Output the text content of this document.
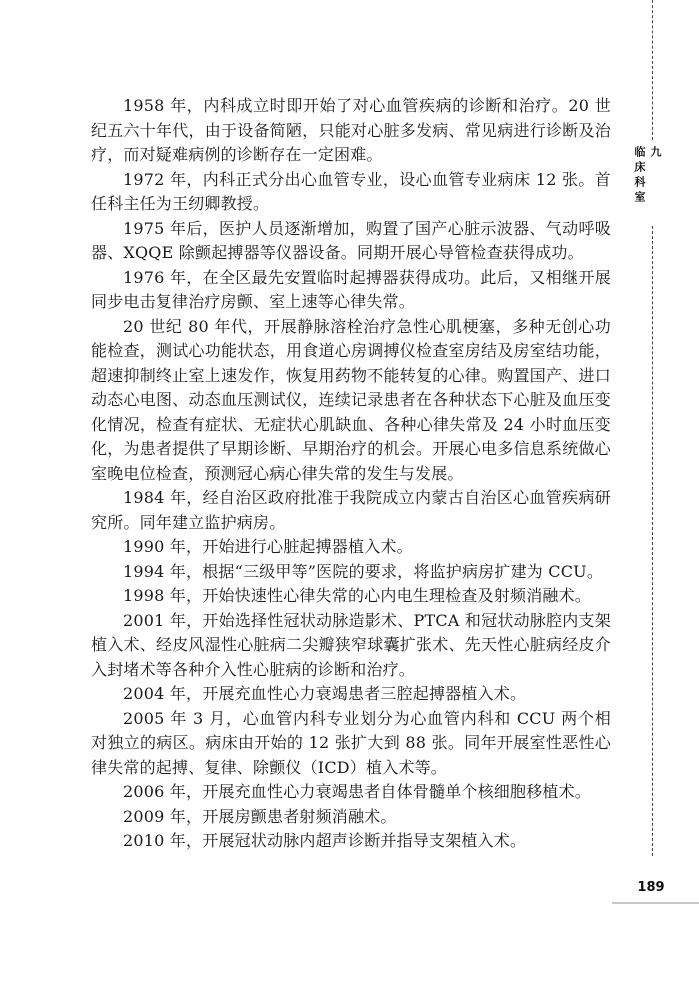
九
临床科室

1958 年，内科成立时即开始了对心血管疾病的诊断和治疗。20 世纪五六十年代，由于设备简陋，只能对心脏多发病、常见病进行诊断及治疗，而对疑难病例的诊断存在一定困难。

1972 年，内科正式分出心血管专业，设心血管专业病床 12 张。首任科主任为王纫卿教授。

1975 年后，医护人员逐渐增加，购置了国产心脏示波器、气动呼吸器、XQQE 除颤起搏器等仪器设备。同期开展心导管检查获得成功。

1976 年，在全区最先安置临时起搏器获得成功。此后，又相继开展同步电击复律治疗房颤、室上速等心律失常。

20 世纪 80 年代，开展静脉溶栓治疗急性心肌梗塞，多种无创心功能检查，测试心功能状态，用食道心房调搏仪检查室房结及房室结功能，超速抑制终止室上速发作，恢复用药物不能转复的心律。购置国产、进口动态心电图、动态血压测试仪，连续记录患者在各种状态下心脏及血压变化情况，检查有症状、无症状心肌缺血、各种心律失常及 24 小时血压变化，为患者提供了早期诊断、早期治疗的机会。开展心电多信息系统做心室晚电位检查，预测冠心病心律失常的发生与发展。

1984 年，经自治区政府批准于我院成立内蒙古自治区心血管疾病研究所。同年建立监护病房。

1990 年，开始进行心脏起搏器植入术。

1994 年，根据“三级甲等”医院的要求，将监护病房扩建为 CCU。

1998 年，开始快速性心律失常的心内电生理检查及射频消融术。

2001 年，开始选择性冠状动脉造影术、PTCA 和冠状动脉腔内支架植入术、经皮风湿性心脏病二尖瓣狭窄球囊扩张术、先天性心脏病经皮介入封堵术等各种介入性心脏病的诊断和治疗。

2004 年，开展充血性心力衰竭患者三腔起搏器植入术。

2005 年 3 月，心血管内科专业划分为心血管内科和 CCU 两个相对独立的病区。病床由开始的 12 张扩大到 88 张。同年开展室性恶性心律失常的起搏、复律、除颤仪（ICD）植入术等。

2006 年，开展充血性心力衰竭患者自体骨髓单个核细胞移植术。

2009 年，开展房颤患者射频消融术。

2010 年，开展冠状动脉内超声诊断并指导支架植入术。

189
